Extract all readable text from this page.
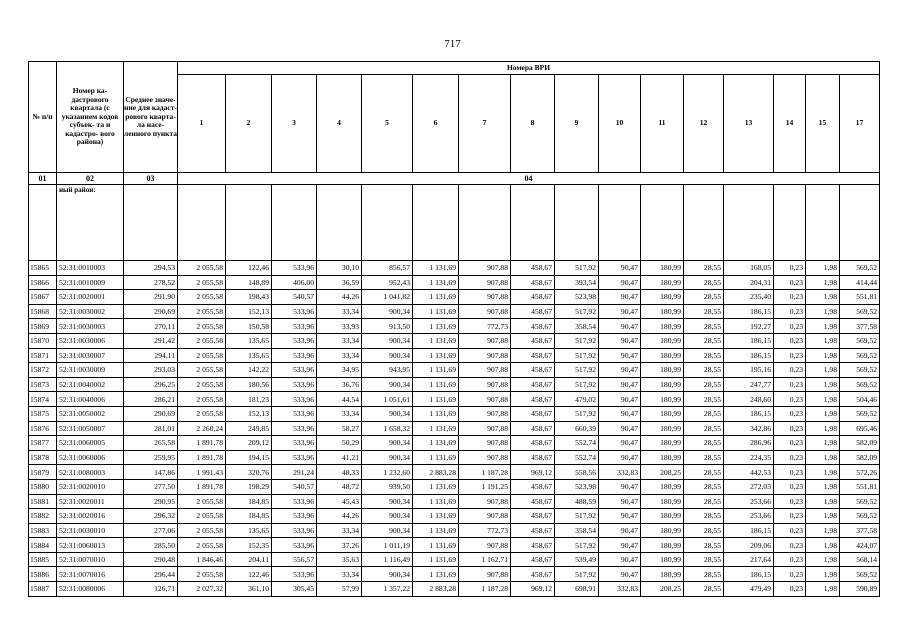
717
№ п/п	Номер ка- дастрового квартала (с указанием кодов субъек- та и кадастро- вого района)	Среднее значе- ние для кадаст- рового кварта- ла насе- ленного пункта	Номера ВРИ															
			1	2	3	4	5	6	7	8	9	10	11	12	13	14	15	17
01	02	03	04															
	ный район:																	
15865	52:31:0010003	294,53	2 055,58	122,46	533,96	30,10	856,57	1 131,69	907,88	458,67	517,92	90,47	180,99	28,55	168,05	0,23	1,98	569,52
15866	52:31:0010009	278,52	2 055,58	148,89	406,00	36,59	952,43	1 131,69	907,88	458,67	393,54	90,47	180,99	28,55	204,31	0,23	1,98	414,44
15867	52:31:0020001	291,90	2 055,58	198,43	540,57	44,26	1 041,82	1 131,69	907,88	458,67	523,98	90,47	180,99	28,55	235,40	0,23	1,98	551,81
15868	52:31:0030002	290,69	2 055,58	152,13	533,96	33,34	900,34	1 131,69	907,88	458,67	517,92	90,47	180,99	28,55	186,15	0,23	1,98	569,52
15869	52:31:0030003	270,11	2 055,58	150,58	533,96	33,93	913,50	1 131,69	772,73	458,67	358,54	90,47	180,99	28,55	192,27	0,23	1,98	377,58
15870	52:31:0030006	291,42	2 055,58	135,65	533,96	33,34	900,34	1 131,69	907,88	458,67	517,92	90,47	180,99	28,55	186,15	0,23	1,98	569,52
15871	52:31:0030007	294,11	2 055,58	135,65	533,96	33,34	900,34	1 131,69	907,88	458,67	517,92	90,47	180,99	28,55	186,15	0,23	1,98	569,52
15872	52:31:0030009	293,03	2 055,58	142,22	533,96	34,95	943,95	1 131,69	907,88	458,67	517,92	90,47	180,99	28,55	195,16	0,23	1,98	569,52
15873	52:31:0040002	296,25	2 055,58	180,56	533,96	36,76	900,34	1 131,69	907,88	458,67	517,92	90,47	180,99	28,55	247,77	0,23	1,98	569,52
15874	52:31:0040006	286,21	2 055,58	181,23	533,96	44,54	1 051,61	1 131,69	907,88	458,67	479,02	90,47	180,99	28,55	248,60	0,23	1,98	504,46
15875	52:31:0050002	290,69	2 055,58	152,13	533,96	33,34	900,34	1 131,69	907,88	458,67	517,92	90,47	180,99	28,55	186,15	0,23	1,98	569,52
15876	52:31:0050007	281,01	2 260,24	249,85	533,96	58,27	1 658,32	1 131,69	907,88	458,67	660,39	90,47	180,99	28,55	342,86	0,23	1,98	695,46
15877	52:31:0060005	265,58	1 891,78	209,12	533,96	50,29	900,34	1 131,69	907,88	458,67	552,74	90,47	180,99	28,55	286,96	0,23	1,98	582,09
15878	52:31:0060006	259,95	1 891,78	194,15	533,96	41,21	900,34	1 131,69	907,88	458,67	552,74	90,47	180,99	28,55	224,35	0,23	1,98	582,09
15879	52:31:0080003	147,86	1 991,43	320,76	291,24	48,33	1 232,60	2 883,28	1 187,28	969,12	558,56	332,83	208,25	28,55	442,53	0,23	1,98	572,26
15880	52:31:0020010	277,50	1 891,78	198,29	540,57	48,72	939,50	1 131,69	1 191,25	458,67	523,98	90,47	180,99	28,55	272,03	0,23	1,98	551,81
15881	52:31:0020011	290,95	2 055,58	184,85	533,96	45,43	900,34	1 131,69	907,88	458,67	488,59	90,47	180,99	28,55	253,66	0,23	1,98	569,52
15882	52:31:0020016	296,32	2 055,58	184,85	533,96	44,26	900,34	1 131,69	907,88	458,67	517,92	90,47	180,99	28,55	253,66	0,23	1,98	569,52
15883	52:31:0030010	277,06	2 055,58	135,65	533,96	33,34	900,34	1 131,69	772,73	458,67	358,54	90,47	180,99	28,55	186,15	0,23	1,98	377,58
15884	52:31:0060013	285,50	2 055,58	152,35	533,96	37,26	1 011,19	1 131,69	907,88	458,67	517,92	90,47	180,99	28,55	209,06	0,23	1,98	424,07
15885	52:31:0070010	290,48	1 846,46	204,11	556,57	35,63	1 116,49	1 131,69	1 162,71	458,67	539,49	90,47	180,99	28,55	217,64	0,23	1,98	568,14
15886	52:31:0070016	296,44	2 055,58	122,46	533,96	33,34	900,34	1 131,69	907,88	458,67	517,92	90,47	180,99	28,55	186,15	0,23	1,98	569,52
15887	52:31:0080006	126,71	2 027,32	361,10	305,45	57,99	1 357,22	2 883,28	1 187,28	969,12	698,91	332,83	208,25	28,55	479,49	0,23	1,98	590,89
